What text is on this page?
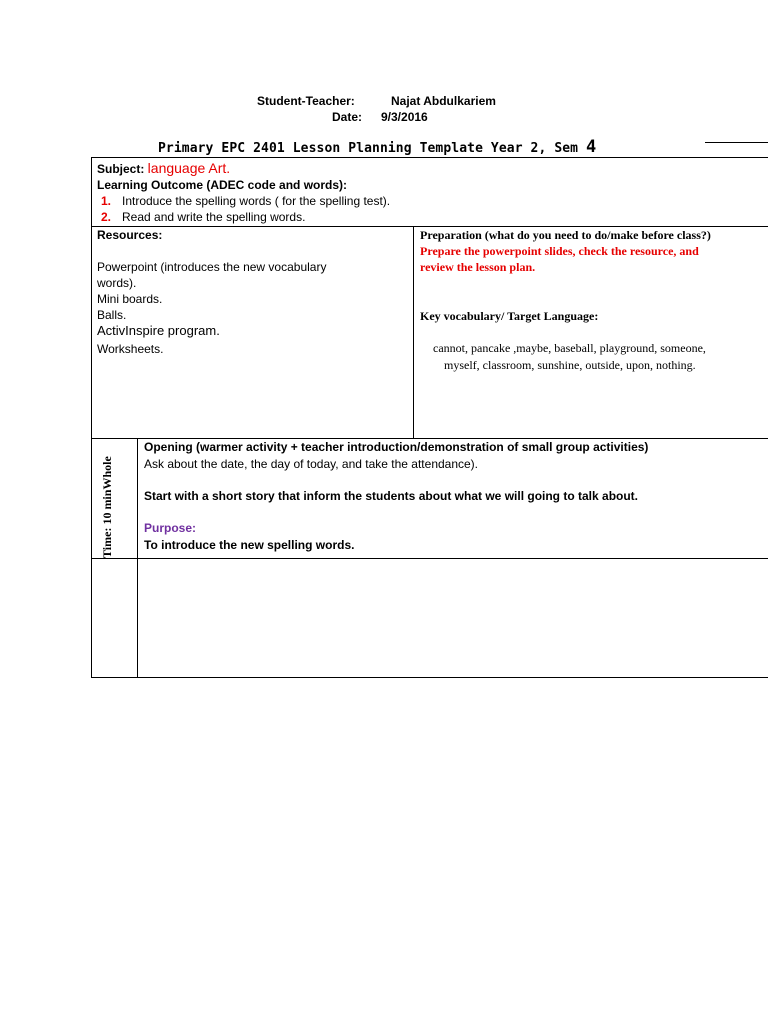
Student-Teacher:	Najat Abdulkariem
Date: 9/3/2016
Primary EPC 2401 Lesson Planning Template Year 2, Sem 4
Subject: language Art.
Learning Outcome (ADEC code and words):
1. Introduce the spelling words ( for the spelling test).
2. Read and write the spelling words.
Resources:
Powerpoint (introduces the new vocabulary
words).
Mini boards.
Balls.
ActivInspire program.
Worksheets.
Preparation (what do you need to do/make before class?)
Prepare the powerpoint slides, check the resource, and
review the lesson plan.
Key vocabulary/ Target Language:
cannot, pancake ,maybe, baseball, playground, someone,
myself, classroom, sunshine, outside, upon, nothing.
Time: 10 minWhole
Opening (warmer activity + teacher introduction/demonstration of small group activities)
Ask about the date, the day of today, and take the attendance).
Start with a short story that inform the students about what we will going to talk about.
Purpose:
To introduce the new spelling words.
